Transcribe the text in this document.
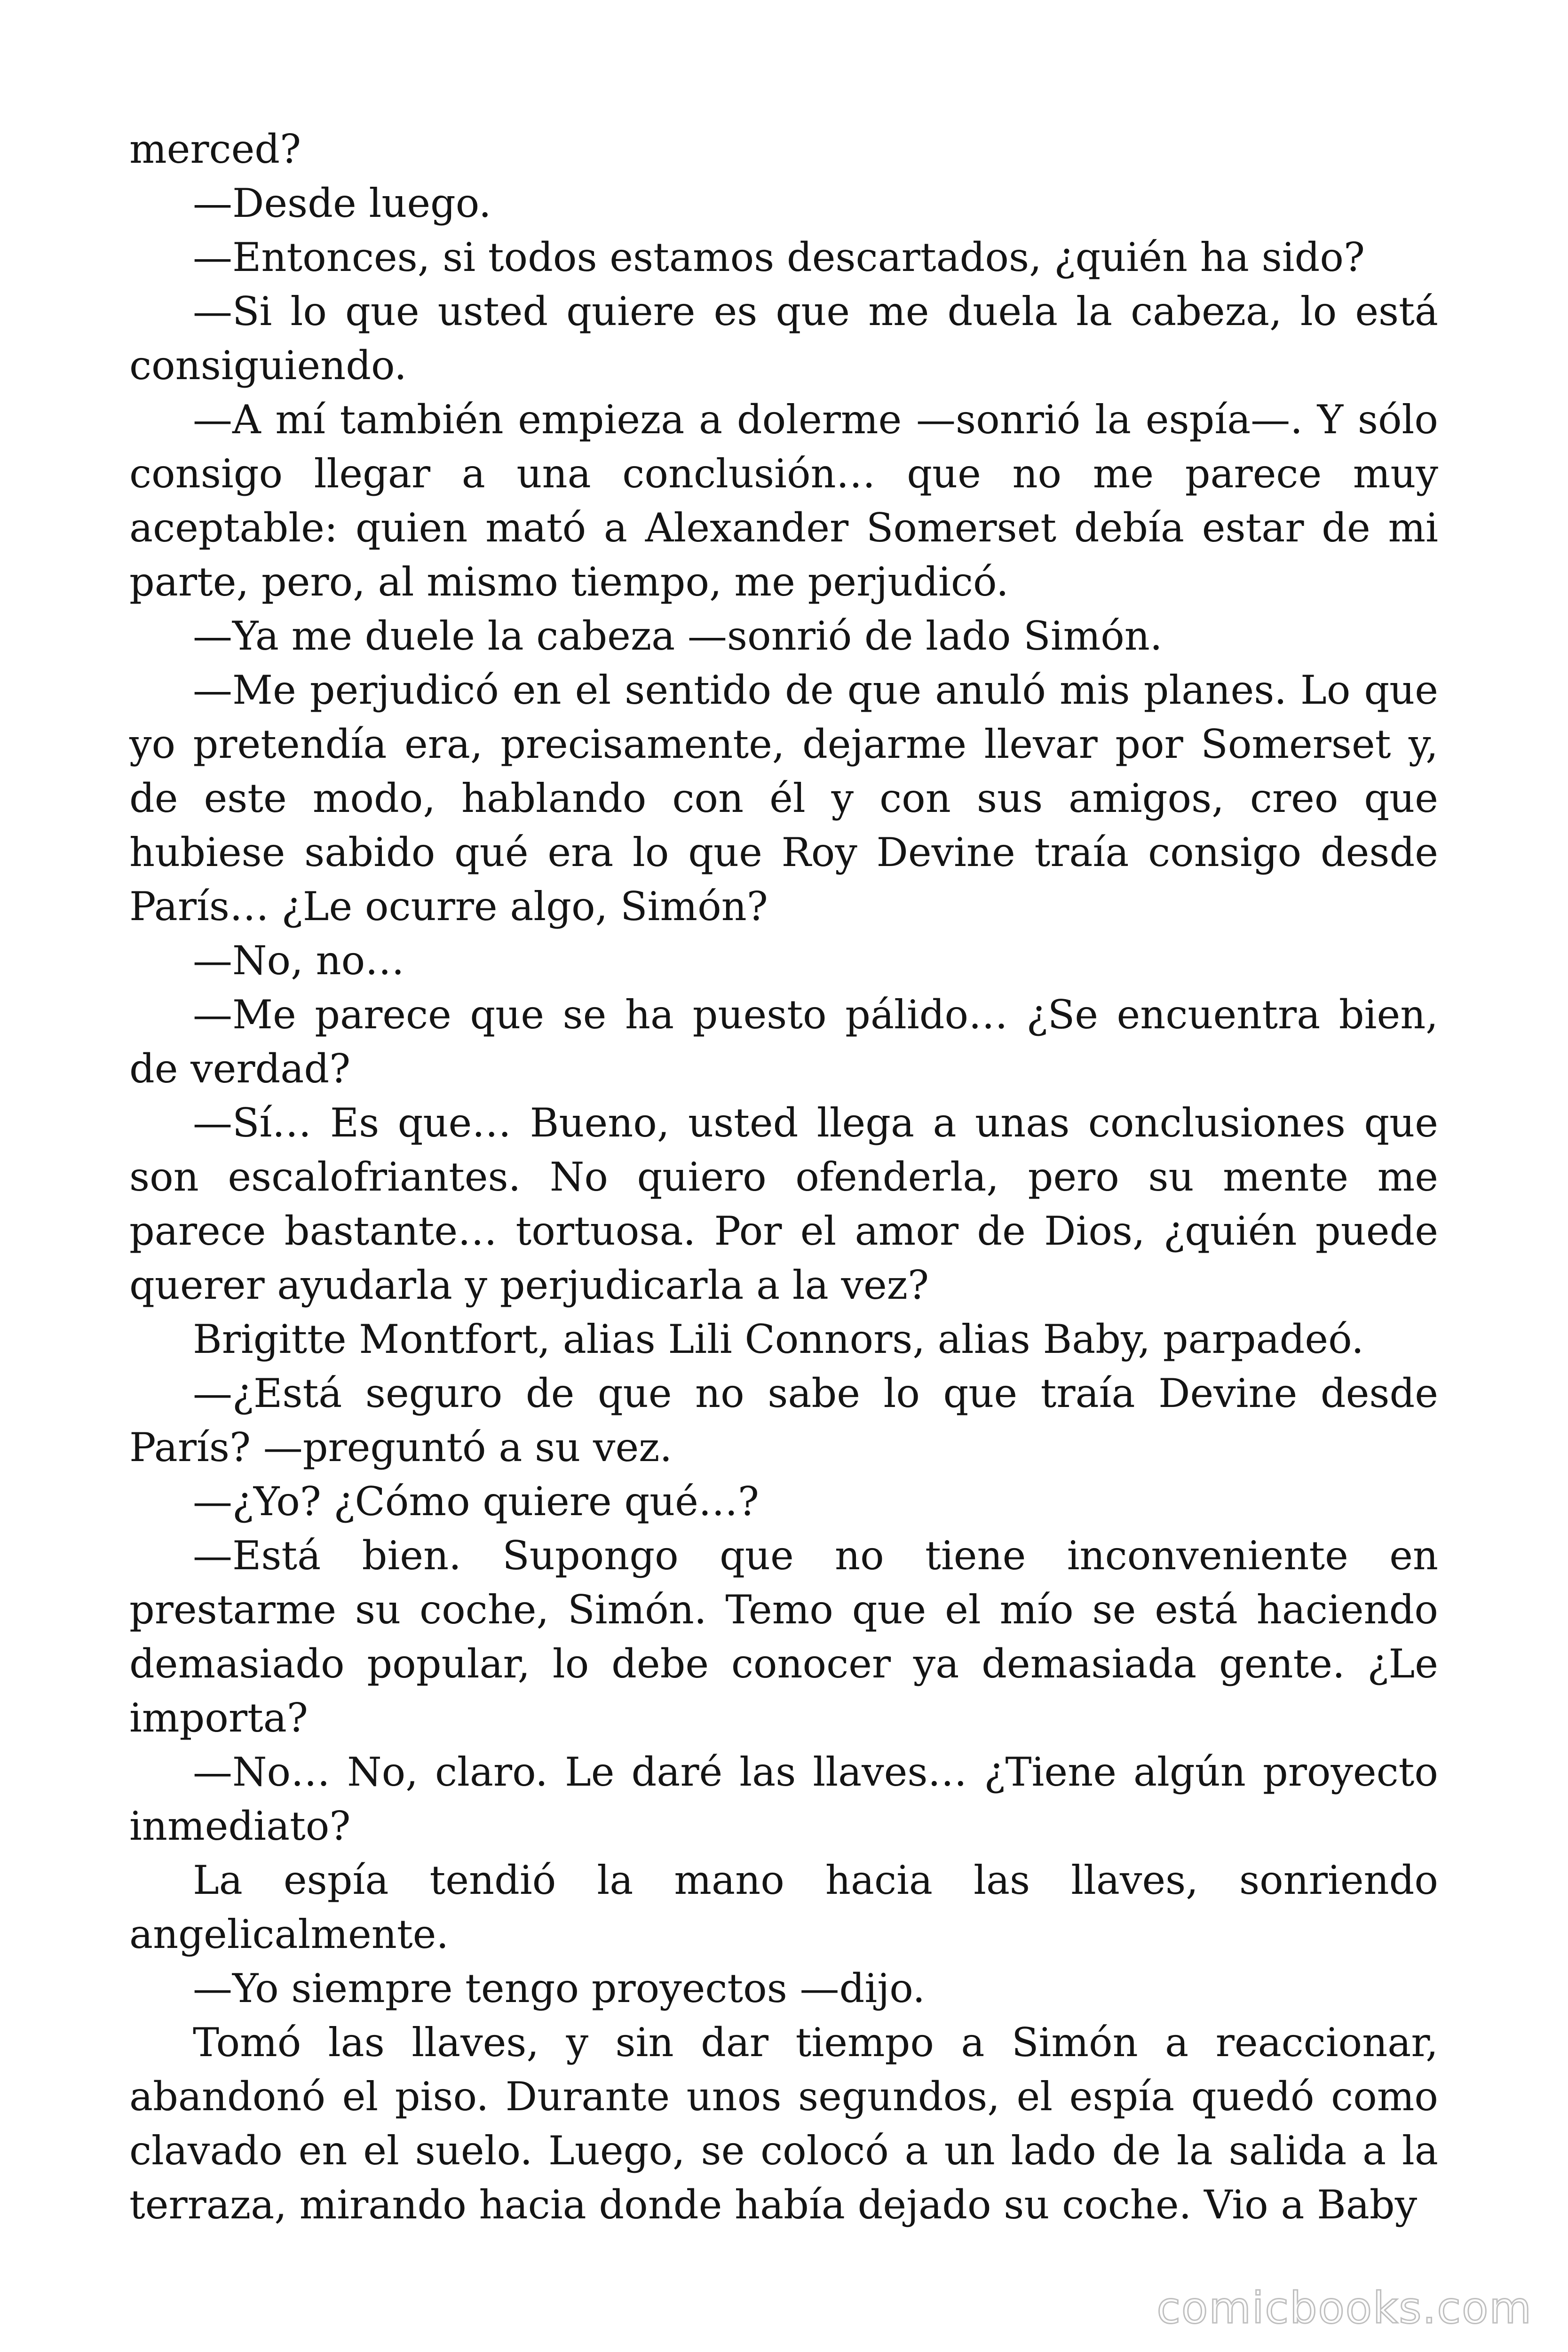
merced?

—Desde luego.

—Entonces, si todos estamos descartados, ¿quién ha sido?

—Si lo que usted quiere es que me duela la cabeza, lo está consiguiendo.

—A mí también empieza a dolerme —sonrió la espía—. Y sólo consigo llegar a una conclusión… que no me parece muy aceptable: quien mató a Alexander Somerset debía estar de mi parte, pero, al mismo tiempo, me perjudicó.

—Ya me duele la cabeza —sonrió de lado Simón.

—Me perjudicó en el sentido de que anuló mis planes. Lo que yo pretendía era, precisamente, dejarme llevar por Somerset y, de este modo, hablando con él y con sus amigos, creo que hubiese sabido qué era lo que Roy Devine traía consigo desde París… ¿Le ocurre algo, Simón?

—No, no…

—Me parece que se ha puesto pálido… ¿Se encuentra bien, de verdad?

—Sí… Es que… Bueno, usted llega a unas conclusiones que son escalofriantes. No quiero ofenderla, pero su mente me parece bastante… tortuosa. Por el amor de Dios, ¿quién puede querer ayudarla y perjudicarla a la vez?

Brigitte Montfort, alias Lili Connors, alias Baby, parpadeó.

—¿Está seguro de que no sabe lo que traía Devine desde París? —preguntó a su vez.

—¿Yo? ¿Cómo quiere qué…?

—Está bien. Supongo que no tiene inconveniente en prestarme su coche, Simón. Temo que el mío se está haciendo demasiado popular, lo debe conocer ya demasiada gente. ¿Le importa?

—No… No, claro. Le daré las llaves… ¿Tiene algún proyecto inmediato?

La espía tendió la mano hacia las llaves, sonriendo angelicalmente.

—Yo siempre tengo proyectos —dijo.

Tomó las llaves, y sin dar tiempo a Simón a reaccionar, abandonó el piso. Durante unos segundos, el espía quedó como clavado en el suelo. Luego, se colocó a un lado de la salida a la terraza, mirando hacia donde había dejado su coche. Vio a Baby

comicbooks.com
